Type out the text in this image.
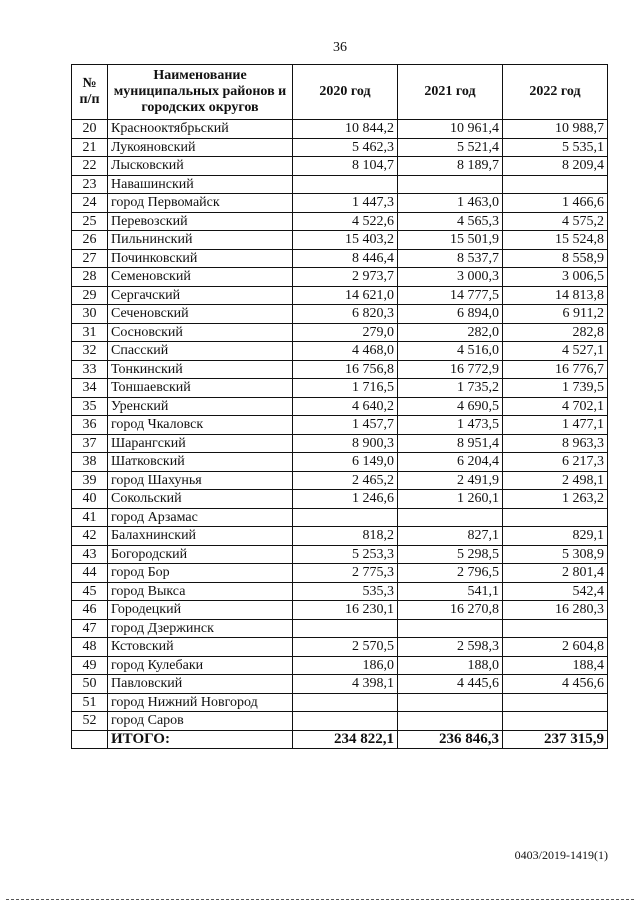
36
№
п/п	Наименование муниципальных районов и городских округов	2020 год	2021 год	2022 год
20	Краснооктябрьский	10 844,2	10 961,4	10 988,7
21	Лукояновский	5 462,3	5 521,4	5 535,1
22	Лысковский	8 104,7	8 189,7	8 209,4
23	Навашинский			
24	город Первомайск	1 447,3	1 463,0	1 466,6
25	Перевозский	4 522,6	4 565,3	4 575,2
26	Пильнинский	15 403,2	15 501,9	15 524,8
27	Починковский	8 446,4	8 537,7	8 558,9
28	Семеновский	2 973,7	3 000,3	3 006,5
29	Сергачский	14 621,0	14 777,5	14 813,8
30	Сеченовский	6 820,3	6 894,0	6 911,2
31	Сосновский	279,0	282,0	282,8
32	Спасский	4 468,0	4 516,0	4 527,1
33	Тонкинский	16 756,8	16 772,9	16 776,7
34	Тоншаевский	1 716,5	1 735,2	1 739,5
35	Уренский	4 640,2	4 690,5	4 702,1
36	город Чкаловск	1 457,7	1 473,5	1 477,1
37	Шарангский	8 900,3	8 951,4	8 963,3
38	Шатковский	6 149,0	6 204,4	6 217,3
39	город Шахунья	2 465,2	2 491,9	2 498,1
40	Сокольский	1 246,6	1 260,1	1 263,2
41	город Арзамас			
42	Балахнинский	818,2	827,1	829,1
43	Богородский	5 253,3	5 298,5	5 308,9
44	город Бор	2 775,3	2 796,5	2 801,4
45	город Выкса	535,3	541,1	542,4
46	Городецкий	16 230,1	16 270,8	16 280,3
47	город Дзержинск			
48	Кстовский	2 570,5	2 598,3	2 604,8
49	город Кулебаки	186,0	188,0	188,4
50	Павловский	4 398,1	4 445,6	4 456,6
51	город Нижний Новгород			
52	город Саров			
	ИТОГО:	234 822,1	236 846,3	237 315,9
0403/2019-1419(1)
